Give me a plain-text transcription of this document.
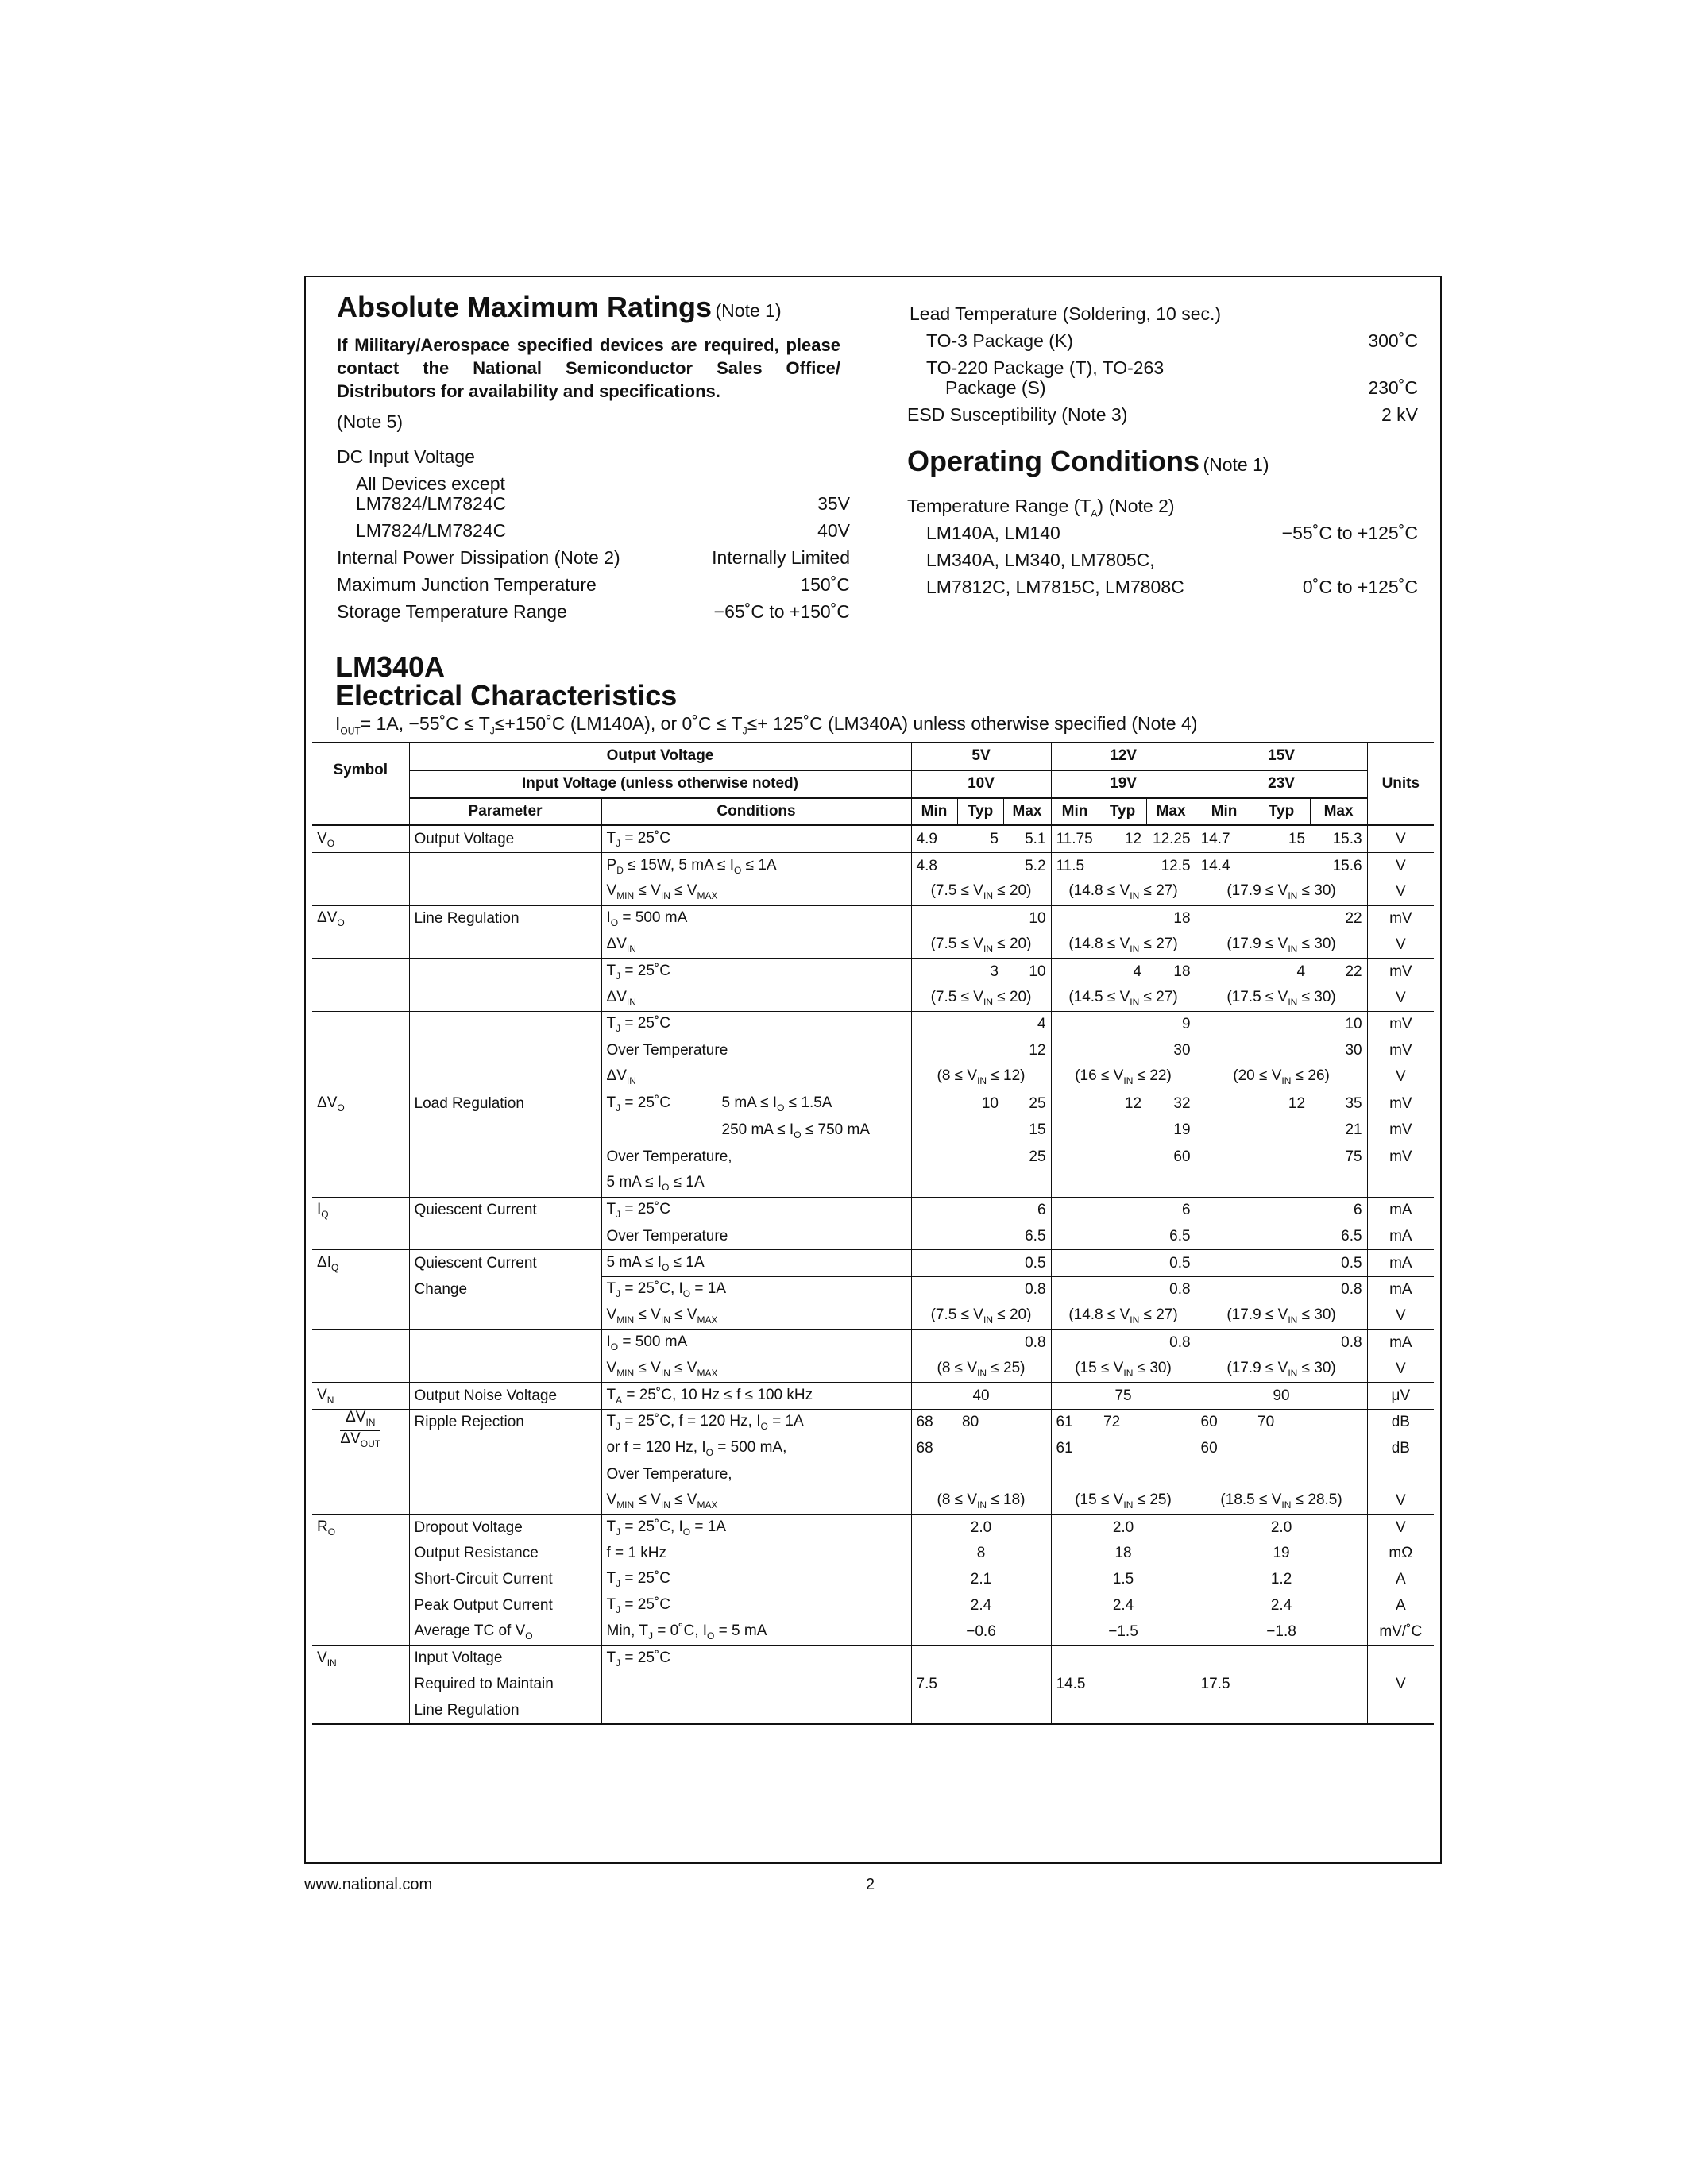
Absolute Maximum Ratings (Note 1)
If Military/Aerospace specified devices are required, please contact the National Semiconductor Sales Office/ Distributors for availability and specifications.
(Note 5)
DC Input Voltage
All Devices except
LM7824/LM7824C	35V
LM7824/LM7824C	40V
Internal Power Dissipation (Note 2)	Internally Limited
Maximum Junction Temperature	150˚C
Storage Temperature Range	−65˚C to +150˚C
Lead Temperature (Soldering, 10 sec.)
TO-3 Package (K)	300˚C
TO-220 Package (T), TO-263
Package (S)	230˚C
ESD Susceptibility (Note 3)	2 kV
Operating Conditions (Note 1)
Temperature Range $(T_A)$ (Note 2)
LM140A, LM140	−55˚C to +125˚C
LM340A, LM340, LM7805C,
LM7812C, LM7815C, LM7808C	0˚C to +125˚C
LM340A
Electrical Characteristics
$I_{OUT}= 1A$, −55˚C ≤ $T_J\le+150˚C$ (LM140A), or 0˚C ≤ $T_J\le+$ 125˚C (LM340A) unless otherwise specified (Note 4)
Symbol	Output Voltage			5V			12V			15V			Units
	Input Voltage (unless otherwise noted)			10V			19V			23V			
	Parameter	Conditions		Min	Typ	Max	Min	Typ	Max	Min	Typ	Max	
$V_O$	Output Voltage	$T_J$ = 25˚C		4.9	5	5.1	11.75	12	12.25	14.7	15	15.3	V
		$P_D \le 15W$, 5 mA ≤ $I_O \le 1A$		4.8		5.2	11.5		12.5	14.4		15.6	V
		$V_{MIN} \le V_{IN} \le V_{MAX}$		$(7.5 \le V_{IN} \le 20)$			$(14.8 \le V_{IN} \le 27)$			$(17.9 \le V_{IN} \le 30)$			V
$\Delta V_O$	Line Regulation	$I_O = 500$ mA				10			18			22	mV
		$\Delta V_{IN}$		$(7.5 \le V_{IN} \le 20)$			$(14.8 \le V_{IN} \le 27)$			$(17.9 \le V_{IN} \le 30)$			V
		$T_J$ = 25˚C			3	10		4	18		4	22	mV
		$\Delta V_{IN}$		$(7.5 \le V_{IN} \le 20)$			$(14.5 \le V_{IN} \le 27)$			$(17.5 \le V_{IN} \le 30)$			V
		$T_J$ = 25˚C				4			9			10	mV
		Over Temperature				12			30			30	mV
		$\Delta V_{IN}$		$(8 \le V_{IN} \le 12)$			$(16 \le V_{IN} \le 22)$			$(20 \le V_{IN} \le 26)$			V
$\Delta V_O$	Load Regulation	$T_J$ = 25˚C	5 mA ≤ $I_O \le 1.5A$		10	25		12	32		12	35	mV
			250 mA ≤ $I_O \le 750$ mA			15			19			21	mV
		Over Temperature,				25			60			75	mV
		5 mA ≤ $I_O \le 1A$											
$I_Q$	Quiescent Current	$T_J$ = 25˚C				6			6			6	mA
		Over Temperature				6.5			6.5			6.5	mA
$\Delta I_Q$	Quiescent Current	5 mA ≤ $I_O \le 1A$				0.5			0.5			0.5	mA
	Change	$T_J$ = 25˚C, $I_O = 1A$				0.8			0.8			0.8	mA
		$V_{MIN} \le V_{IN} \le V_{MAX}$		$(7.5 \le V_{IN} \le 20)$			$(14.8 \le V_{IN} \le 27)$			$(17.9 \le V_{IN} \le 30)$			V
		$I_O = 500$ mA				0.8			0.8			0.8	mA
		$V_{MIN} \le V_{IN} \le V_{MAX}$		$(8 \le V_{IN} \le 25)$			$(15 \le V_{IN} \le 30)$			$(17.9 \le V_{IN} \le 30)$			V
$V_N$	Output Noise Voltage	$T_A$ = 25˚C, 10 Hz ≤ f ≤ 100 kHz		40			75			90			μV

$\frac{\Delta V_{IN}}{\Delta V_{OUT}}$	Ripple Rejection	$T_J$ = 25˚C, f = 120 Hz, $I_O = 1A$		68	80		61	72		60	70		dB
		or f = 120 Hz, $I_O = 500$ mA,		68			61			60			dB
		Over Temperature,											
		$V_{MIN} \le V_{IN} \le V_{MAX}$		$(8 \le V_{IN} \le 18)$			$(15 \le V_{IN} \le 25)$			$(18.5 \le V_{IN} \le 28.5)$			V
$R_O$	Dropout Voltage	$T_J$ = 25˚C, $I_O = 1A$		2.0			2.0			2.0			V
	Output Resistance	f = 1 kHz		8			18			19			mΩ
	Short-Circuit Current	$T_J$ = 25˚C		2.1			1.5			1.2			A
	Peak Output Current	$T_J$ = 25˚C		2.4			2.4			2.4			A
	Average TC of $V_O$	Min, $T_J$ = 0˚C, $I_O = 5$ mA		−0.6			−1.5			−1.8			mV/˚C
$V_{IN}$	Input Voltage	$T_J$ = 25˚C											
	Required to Maintain			7.5			14.5			17.5			V
	Line Regulation												
www.national.com	2
